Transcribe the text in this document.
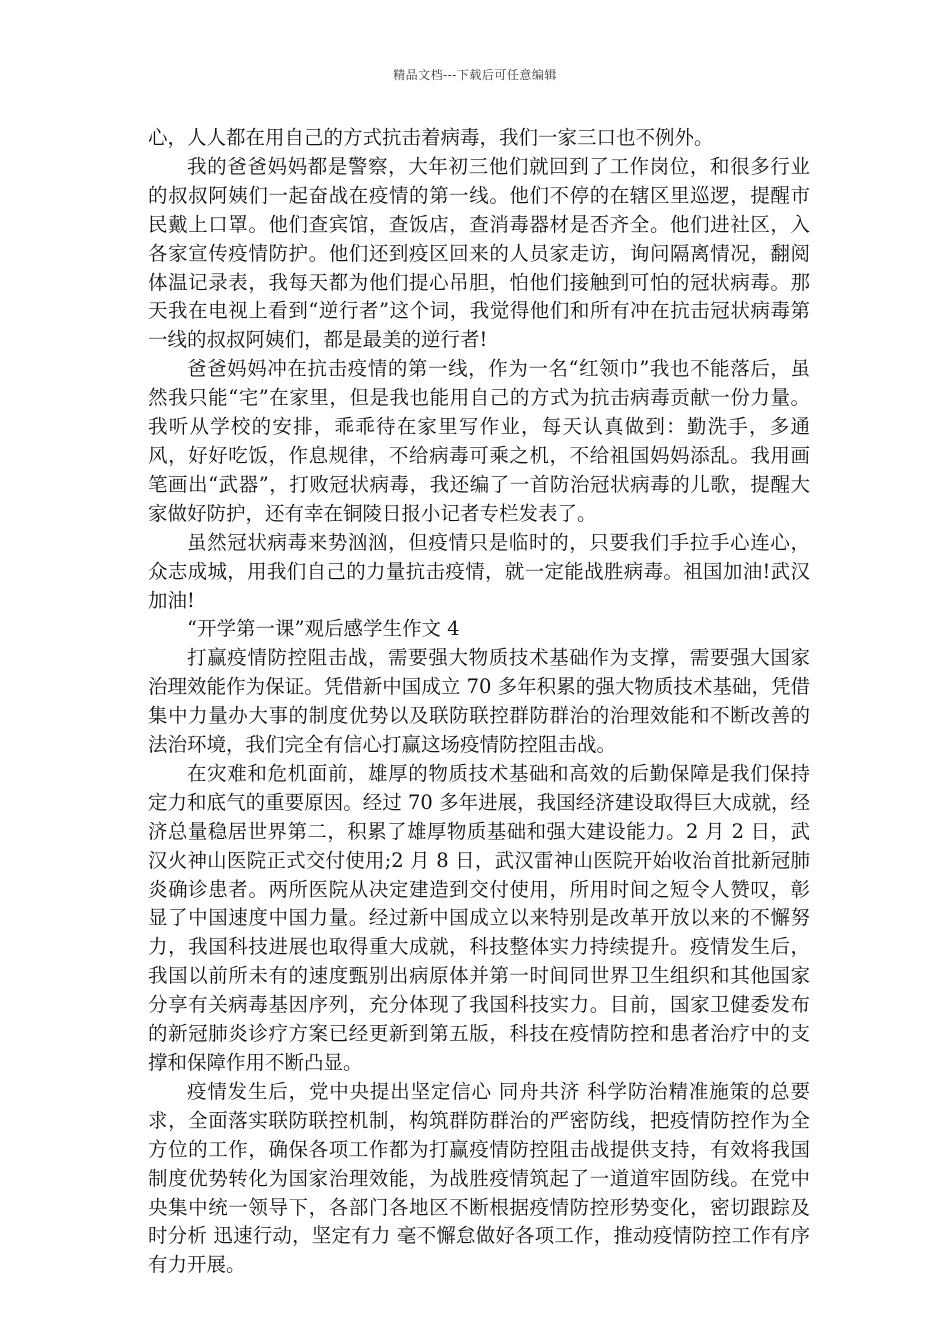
精品文档---下载后可任意编辑

心，人人都在用自己的方式抗击着病毒，我们一家三口也不例外。

我的爸爸妈妈都是警察，大年初三他们就回到了工作岗位，和很多行业的叔叔阿姨们一起奋战在疫情的第一线。他们不停的在辖区里巡逻，提醒市民戴上口罩。他们查宾馆，查饭店，查消毒器材是否齐全。他们进社区，入各家宣传疫情防护。他们还到疫区回来的人员家走访，询问隔离情况，翻阅体温记录表，我每天都为他们提心吊胆，怕他们接触到可怕的冠状病毒。那天我在电视上看到“逆行者”这个词，我觉得他们和所有冲在抗击冠状病毒第一线的叔叔阿姨们，都是最美的逆行者!

爸爸妈妈冲在抗击疫情的第一线，作为一名“红领巾”我也不能落后，虽然我只能“宅”在家里，但是我也能用自己的方式为抗击病毒贡献一份力量。我听从学校的安排，乖乖待在家里写作业，每天认真做到：勤洗手，多通风，好好吃饭，作息规律，不给病毒可乘之机，不给祖国妈妈添乱。我用画笔画出“武器”，打败冠状病毒，我还编了一首防治冠状病毒的儿歌，提醒大家做好防护，还有幸在铜陵日报小记者专栏发表了。

虽然冠状病毒来势汹汹，但疫情只是临时的，只要我们手拉手心连心，众志成城，用我们自己的力量抗击疫情，就一定能战胜病毒。祖国加油!武汉加油!

“开学第一课”观后感学生作文 4

打赢疫情防控阻击战，需要强大物质技术基础作为支撑，需要强大国家治理效能作为保证。凭借新中国成立 70 多年积累的强大物质技术基础，凭借集中力量办大事的制度优势以及联防联控群防群治的治理效能和不断改善的法治环境，我们完全有信心打赢这场疫情防控阻击战。

在灾难和危机面前，雄厚的物质技术基础和高效的后勤保障是我们保持定力和底气的重要原因。经过 70 多年进展，我国经济建设取得巨大成就，经济总量稳居世界第二，积累了雄厚物质基础和强大建设能力。2 月 2 日，武汉火神山医院正式交付使用;2 月 8 日，武汉雷神山医院开始收治首批新冠肺炎确诊患者。两所医院从决定建造到交付使用，所用时间之短令人赞叹，彰显了中国速度中国力量。经过新中国成立以来特别是改革开放以来的不懈努力，我国科技进展也取得重大成就，科技整体实力持续提升。疫情发生后，我国以前所未有的速度甄别出病原体并第一时间同世界卫生组织和其他国家分享有关病毒基因序列，充分体现了我国科技实力。目前，国家卫健委发布的新冠肺炎诊疗方案已经更新到第五版，科技在疫情防控和患者治疗中的支撑和保障作用不断凸显。

疫情发生后，党中央提出坚定信心 同舟共济 科学防治精准施策的总要求，全面落实联防联控机制，构筑群防群治的严密防线，把疫情防控作为全方位的工作，确保各项工作都为打赢疫情防控阻击战提供支持，有效将我国制度优势转化为国家治理效能，为战胜疫情筑起了一道道牢固防线。在党中央集中统一领导下，各部门各地区不断根据疫情防控形势变化，密切跟踪及时分析 迅速行动，坚定有力 毫不懈怠做好各项工作，推动疫情防控工作有序有力开展。
